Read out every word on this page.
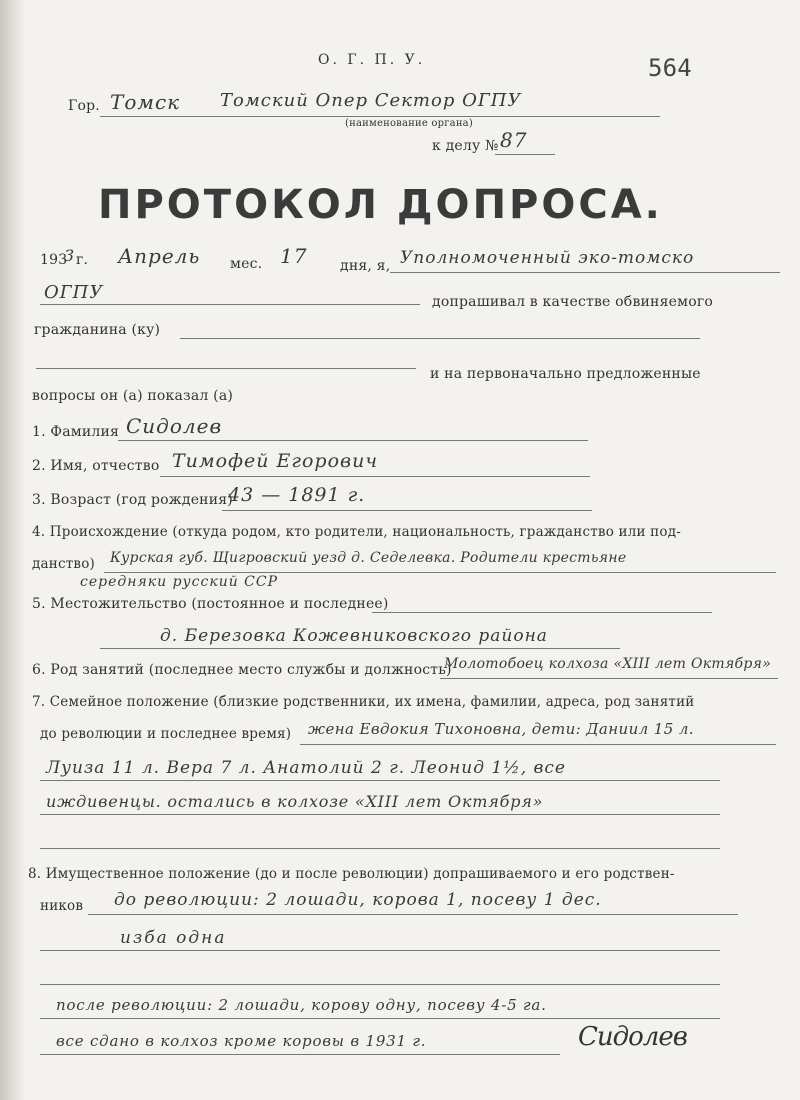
О. Г. П. У.	564
Гор. Томск Томский Опер Сектор ОГПУ
(наименование органа)
к делу № 87
ПРОТОКОЛ ДОПРОСА.
193
3 г. Апрель мес. 17 дня, я, Уполномоченный эко-томско
ОГПУ	допрашивал в качестве обвиняемого
гражданина (ку)
и на первоначально предложенные
вопросы он (а) показал (а)
1. Фамилия Сидолев
2. Имя, отчество Тимофей Егорович
3. Возраст (год рождения)
43 — 1891 г.
4. Происхождение (откуда родом, кто родители, национальность, гражданство или под-
данство) Курская губ. Щигровский уезд д. Седелевка. Родители крестьяне
середняки русский ССР
5. Местожительство (постоянное и последнее)
д. Березовка Кожевниковского района
6. Род занятий (последнее место службы и должность)
Молотобоец колхоза «XIII лет Октября»
7. Семейное положение (близкие родственники, их имена, фамилии, адреса, род занятий
до революции и последнее время) жена Евдокия Тихоновна, дети: Даниил 15 л.
Луиза 11 л. Вера 7 л. Анатолий 2 г. Леонид 1½, все
иждивенцы. остались в колхозе «XIII лет Октября»
8. Имущественное положение (до и после революции) допрашиваемого и его родствен-
ников до революции: 2 лошади, корова 1, посеву 1 дес.
изба одна
после революции: 2 лошади, корову одну, посеву 4-5 га.
все сдано в колхоз кроме коровы в 1931 г.	Сидолев
